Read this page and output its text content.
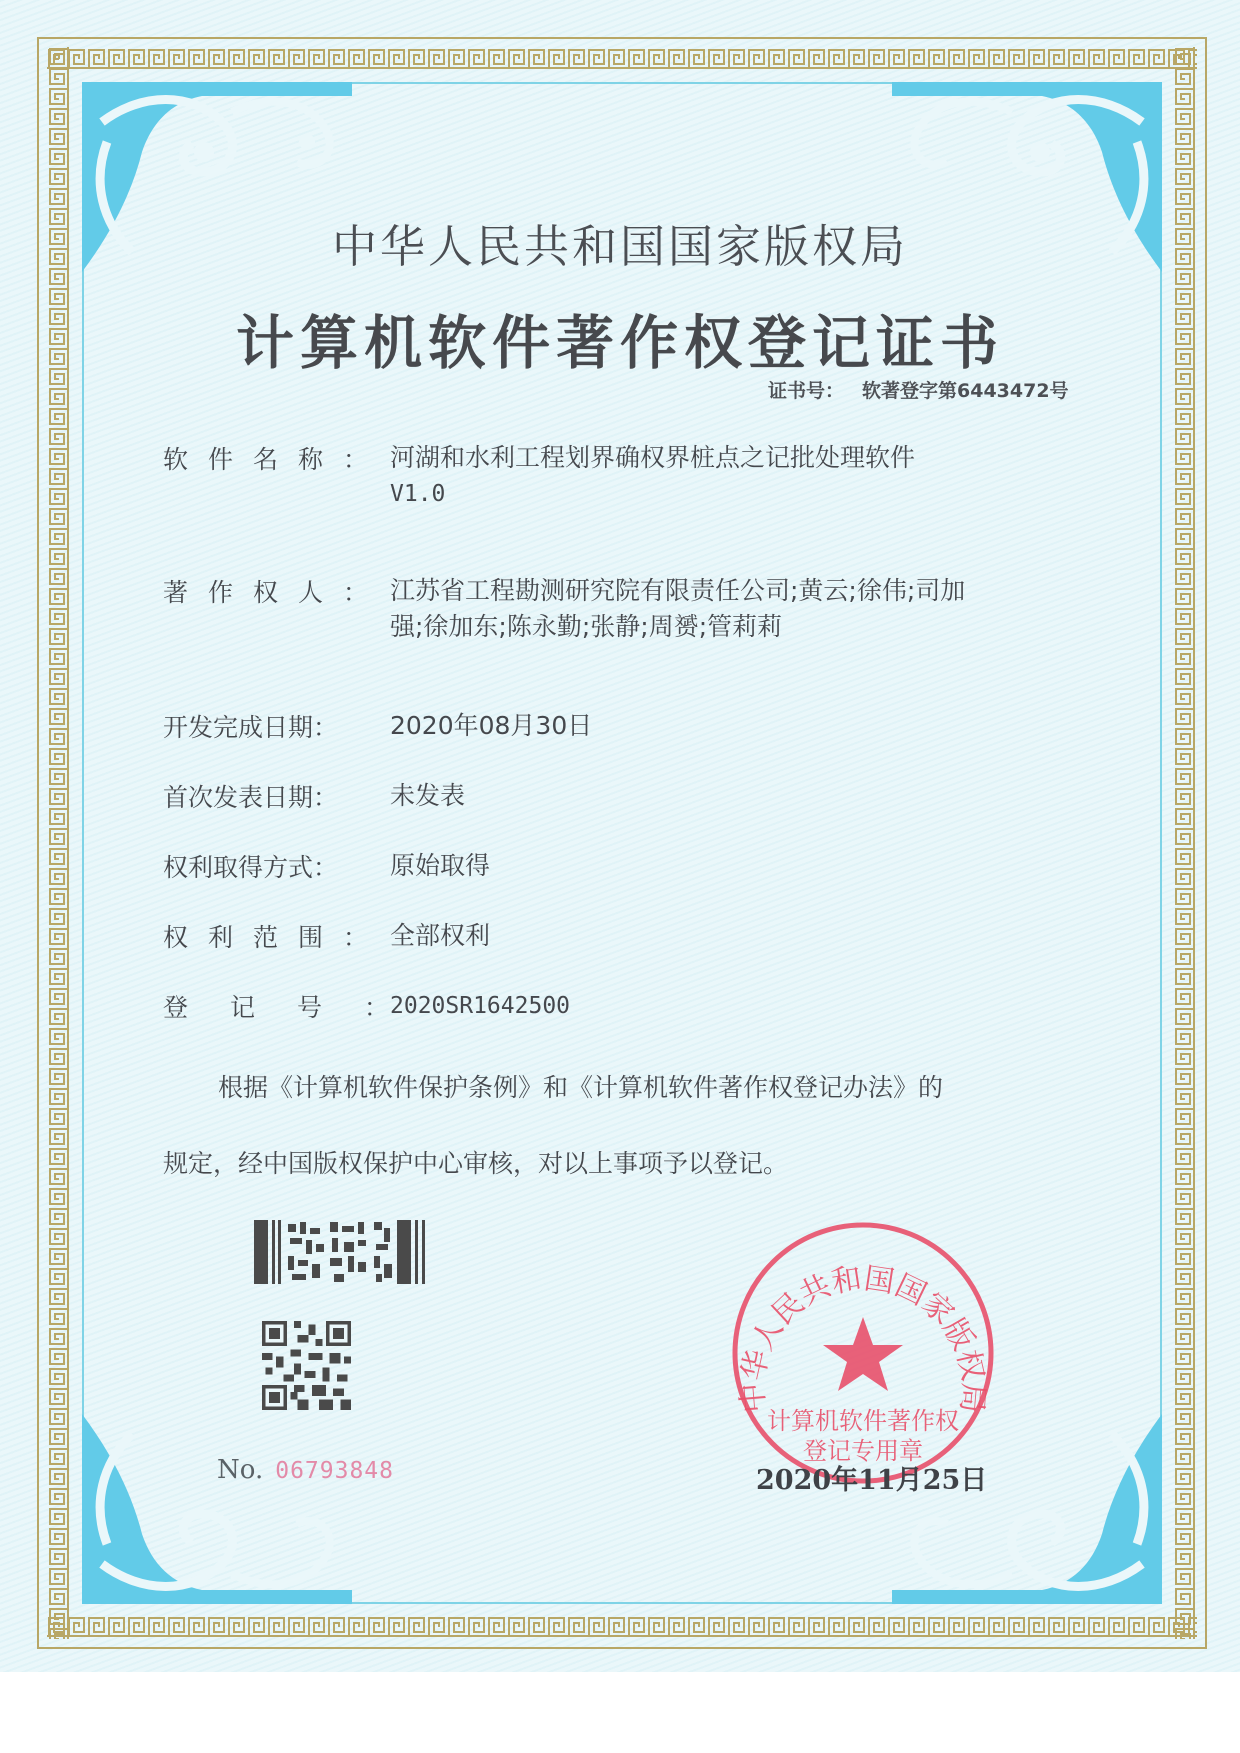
中华人民共和国国家版权局
计算机软件著作权登记证书
证书号： 软著登字第6443472号
软件名称： 河湖和水利工程划界确权界桩点之记批处理软件
V1.0
著作权人： 江苏省工程勘测研究院有限责任公司;黄云;徐伟;司加
强;徐加东;陈永勤;张静;周赟;管莉莉
开发完成日期：	2020年08月30日
首次发表日期：	未发表
权利取得方式：	原始取得
权利范围： 全部权利
登记号：
2020SR1642500
根据《计算机软件保护条例》和《计算机软件著作权登记办法》的
规定，经中国版权保护中心审核，对以上事项予以登记。
No. 06793848
中华人民共和国国家版权局
计算机软件著作权
登记专用章
2020年11月25日
